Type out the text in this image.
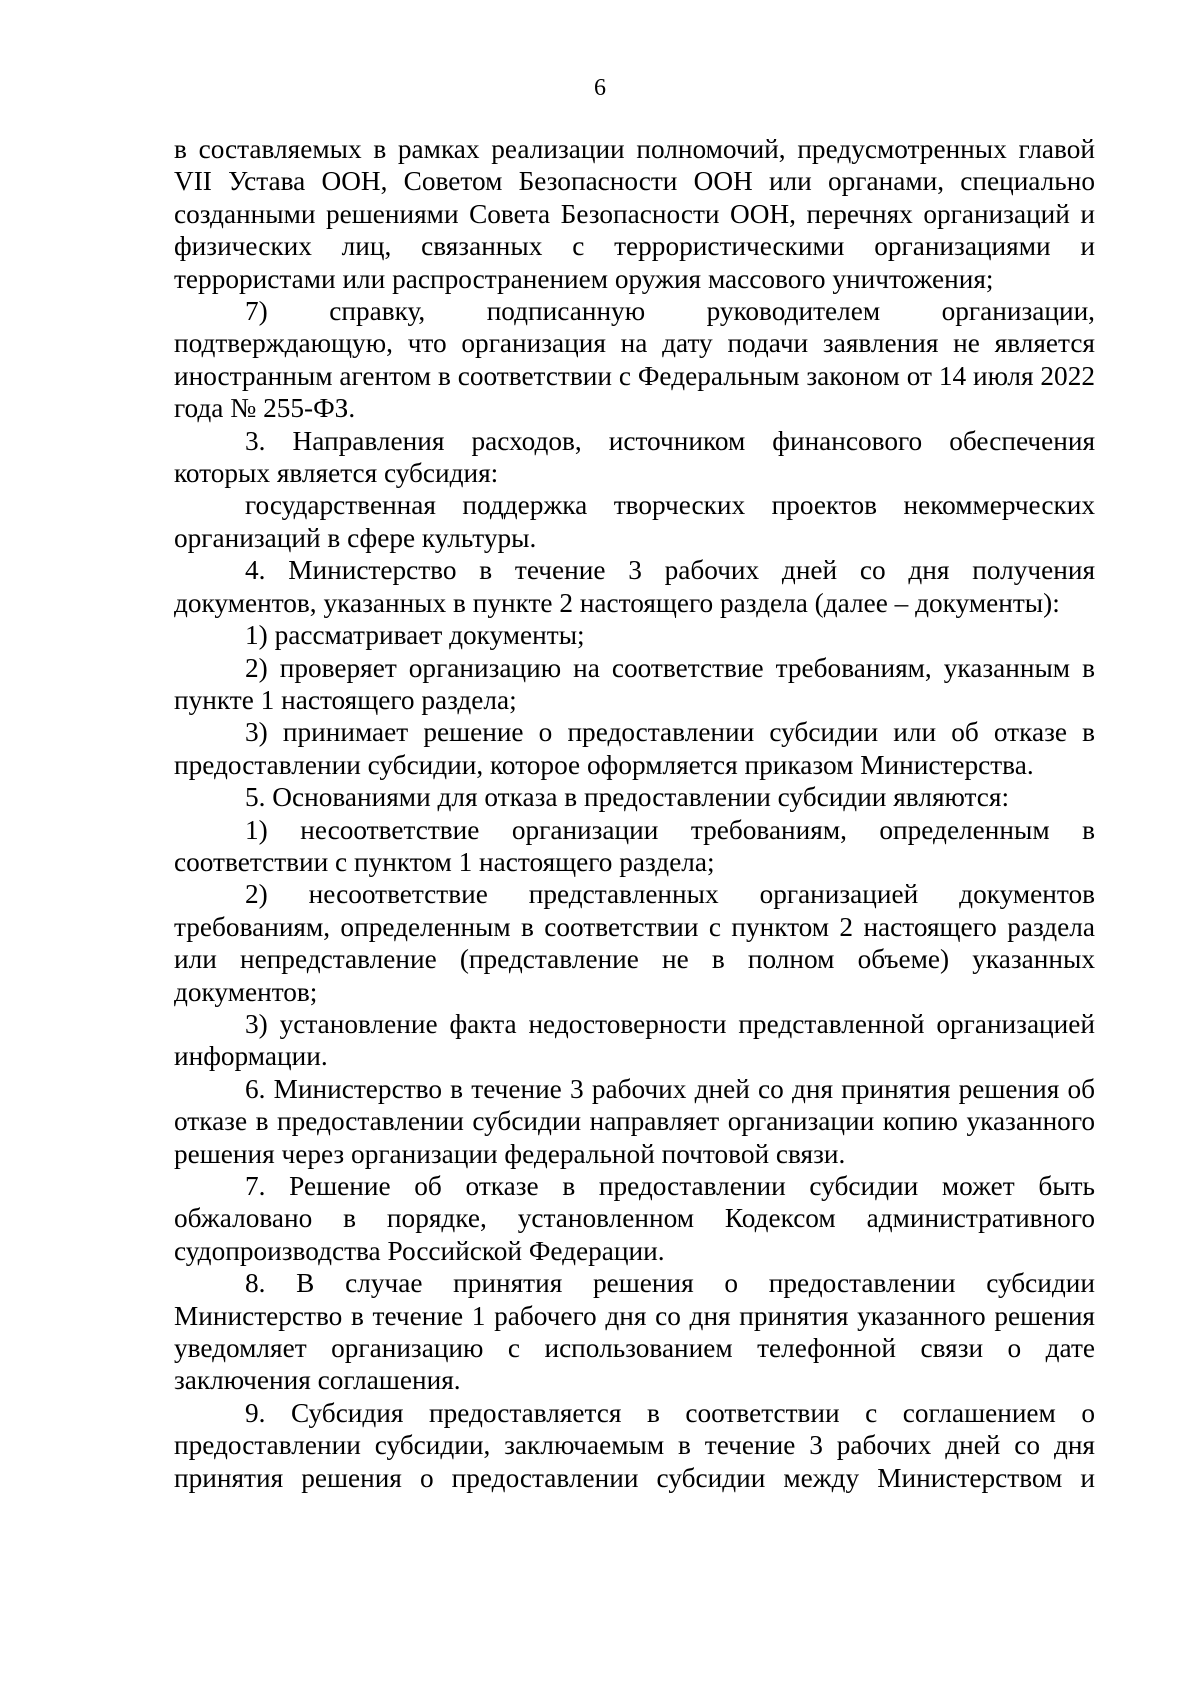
6

в составляемых в рамках реализации полномочий, предусмотренных главой VII Устава ООН, Советом Безопасности ООН или органами, специально созданными решениями Совета Безопасности ООН, перечнях организаций и физических лиц, связанных с террористическими организациями и террористами или распространением оружия массового уничтожения;

7) справку, подписанную руководителем организации, подтверждающую, что организация на дату подачи заявления не является иностранным агентом в соответствии с Федеральным законом от 14 июля 2022 года № 255-ФЗ.

3. Направления расходов, источником финансового обеспечения которых является субсидия:

государственная поддержка творческих проектов некоммерческих организаций в сфере культуры.

4. Министерство в течение 3 рабочих дней со дня получения документов, указанных в пункте 2 настоящего раздела (далее – документы):

1) рассматривает документы;

2) проверяет организацию на соответствие требованиям, указанным в пункте 1 настоящего раздела;

3) принимает решение о предоставлении субсидии или об отказе в предоставлении субсидии, которое оформляется приказом Министерства.

5. Основаниями для отказа в предоставлении субсидии являются:

1) несоответствие организации требованиям, определенным в соответствии с пунктом 1 настоящего раздела;

2) несоответствие представленных организацией документов требованиям, определенным в соответствии с пунктом 2 настоящего раздела или непредставление (представление не в полном объеме) указанных документов;

3) установление факта недостоверности представленной организацией информации.

6. Министерство в течение 3 рабочих дней со дня принятия решения об отказе в предоставлении субсидии направляет организации копию указанного решения через организации федеральной почтовой связи.

7. Решение об отказе в предоставлении субсидии может быть обжаловано в порядке, установленном Кодексом административного судопроизводства Российской Федерации.

8. В случае принятия решения о предоставлении субсидии Министерство в течение 1 рабочего дня со дня принятия указанного решения уведомляет организацию с использованием телефонной связи о дате заключения соглашения.

9. Субсидия предоставляется в соответствии с соглашением о предоставлении субсидии, заключаемым в течение 3 рабочих дней со дня принятия решения о предоставлении субсидии между Министерством и
